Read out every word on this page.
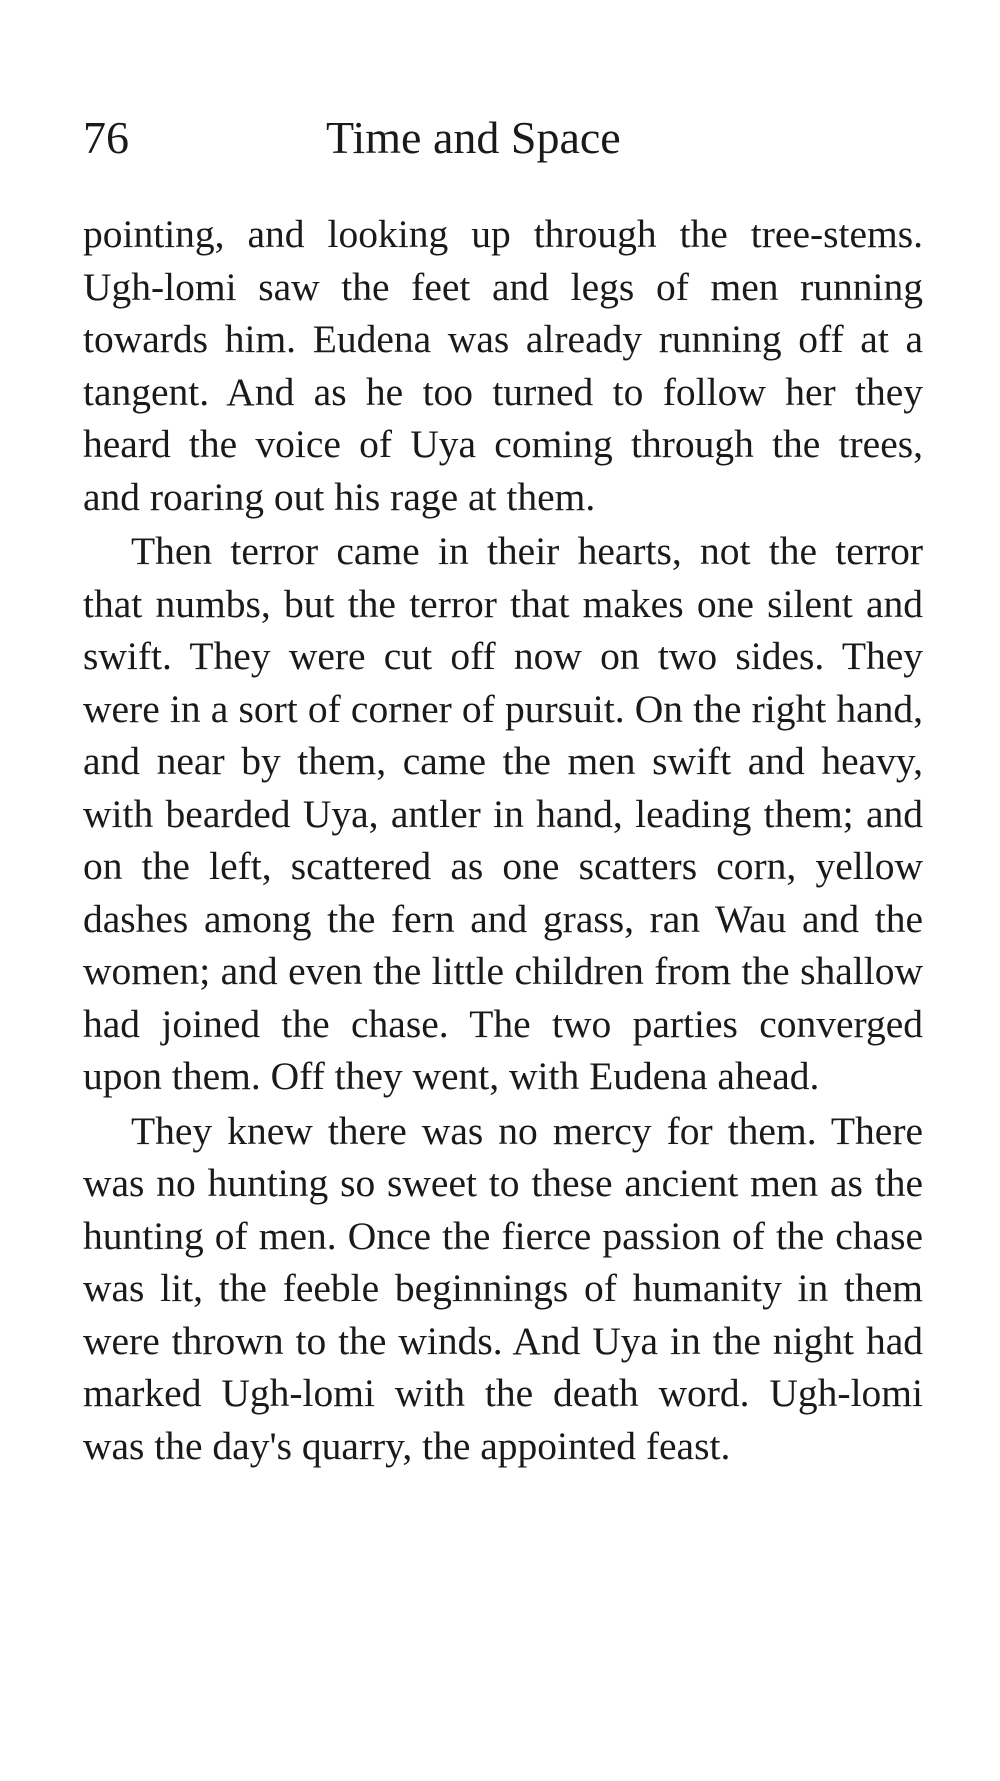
76	Time and Space

pointing, and looking up through the tree-stems. Ugh-lomi saw the feet and legs of men running towards him. Eudena was already running off at a tangent. And as he too turned to follow her they heard the voice of Uya coming through the trees, and roaring out his rage at them.

Then terror came in their hearts, not the terror that numbs, but the terror that makes one silent and swift. They were cut off now on two sides. They were in a sort of corner of pursuit. On the right hand, and near by them, came the men swift and heavy, with bearded Uya, antler in hand, leading them; and on the left, scattered as one scatters corn, yellow dashes among the fern and grass, ran Wau and the women; and even the little children from the shallow had joined the chase. The two parties converged upon them. Off they went, with Eudena ahead.

They knew there was no mercy for them. There was no hunting so sweet to these ancient men as the hunting of men. Once the fierce passion of the chase was lit, the feeble beginnings of humanity in them were thrown to the winds. And Uya in the night had marked Ugh-lomi with the death word. Ugh-lomi was the day's quarry, the appointed feast.
